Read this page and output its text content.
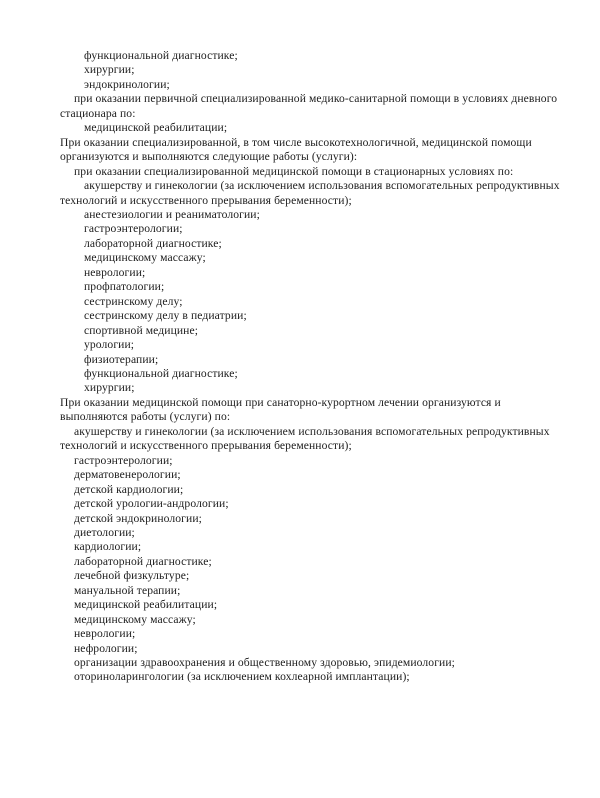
функциональной диагностике;
хирургии;
эндокринологии;
при оказании первичной специализированной медико-санитарной помощи в условиях дневного
стационара по:
медицинской реабилитации;
При оказании специализированной, в том числе высокотехнологичной, медицинской помощи
организуются и выполняются следующие работы (услуги):
при оказании специализированной медицинской помощи в стационарных условиях по:
акушерству и гинекологии (за исключением использования вспомогательных репродуктивных
технологий и искусственного прерывания беременности);
анестезиологии и реаниматологии;
гастроэнтерологии;
лабораторной диагностике;
медицинскому массажу;
неврологии;
профпатологии;
сестринскому делу;
сестринскому делу в педиатрии;
спортивной медицине;
урологии;
физиотерапии;
функциональной диагностике;
хирургии;
При оказании медицинской помощи при санаторно-курортном лечении организуются и
выполняются работы (услуги) по:
акушерству и гинекологии (за исключением использования вспомогательных репродуктивных
технологий и искусственного прерывания беременности);
гастроэнтерологии;
дерматовенерологии;
детской кардиологии;
детской урологии-андрологии;
детской эндокринологии;
диетологии;
кардиологии;
лабораторной диагностике;
лечебной физкультуре;
мануальной терапии;
медицинской реабилитации;
медицинскому массажу;
неврологии;
нефрологии;
организации здравоохранения и общественному здоровью, эпидемиологии;
оториноларингологии (за исключением кохлеарной имплантации);
